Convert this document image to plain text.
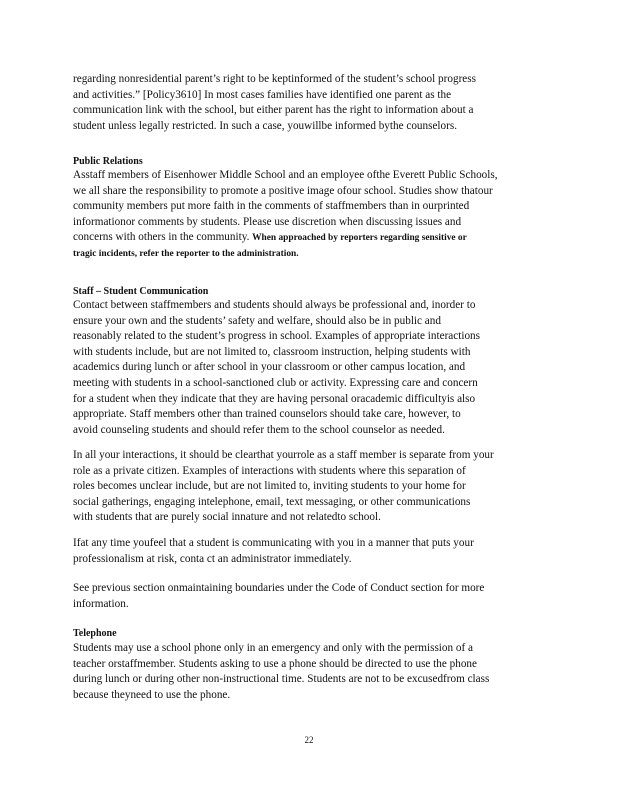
regarding nonresidential parent’s right to be keptinformed of the student’s school progress
and activities.” [Policy3610] In most cases families have identified one parent as the
communication link with the school, but either parent has the right to information about a
student unless legally restricted. In such a case, youwillbe informed bythe counselors.
Public Relations
Asstaff members of Eisenhower Middle School and an employee ofthe Everett Public Schools,
we all share the responsibility to promote a positive image ofour school. Studies show thatour
community members put more faith in the comments of staffmembers than in ourprinted
informationor comments by students. Please use discretion when discussing issues and
concerns with others in the community. When approached by reporters regarding sensitive or
tragic incidents, refer the reporter to the administration.
Staff – Student Communication
Contact between staffmembers and students should always be professional and, inorder to
ensure your own and the students’ safety and welfare, should also be in public and
reasonably related to the student’s progress in school. Examples of appropriate interactions
with students include, but are not limited to, classroom instruction, helping students with
academics during lunch or after school in your classroom or other campus location, and
meeting with students in a school-sanctioned club or activity. Expressing care and concern
for a student when they indicate that they are having personal oracademic difficultyis also
appropriate. Staff members other than trained counselors should take care, however, to
avoid counseling students and should refer them to the school counselor as needed.
In all your interactions, it should be clearthat yourrole as a staff member is separate from your
role as a private citizen. Examples of interactions with students where this separation of
roles becomes unclear include, but are not limited to, inviting students to your home for
social gatherings, engaging intelephone, email, text messaging, or other communications
with students that are purely social innature and not relatedto school.
Ifat any time youfeel that a student is communicating with you in a manner that puts your
professionalism at risk, conta ct an administrator immediately.
See previous section onmaintaining boundaries under the Code of Conduct section for more
information.
Telephone
Students may use a school phone only in an emergency and only with the permission of a
teacher orstaffmember. Students asking to use a phone should be directed to use the phone
during lunch or during other non-instructional time. Students are not to be excusedfrom class
because theyneed to use the phone.
22
